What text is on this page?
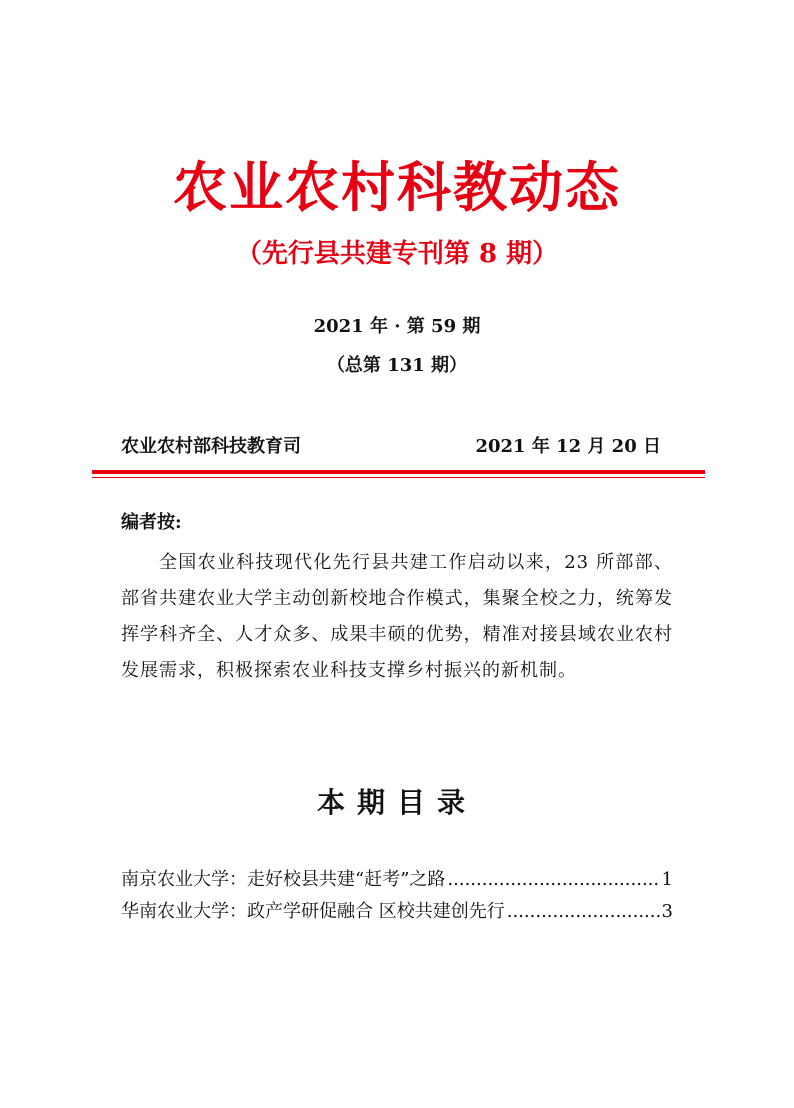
农业农村科教动态
（先行县共建专刊第 8 期）
2021 年 · 第 59 期
（总第 131 期）
农业农村部科技教育司	2021 年 12 月 20 日
编者按:

全国农业科技现代化先行县共建工作启动以来，23 所部部、部省共建农业大学主动创新校地合作模式，集聚全校之力，统筹发挥学科齐全、人才众多、成果丰硕的优势，精准对接县域农业农村发展需求，积极探索农业科技支撑乡村振兴的新机制。

本期目录
南京农业大学：走好校县共建“赶考”之路 .....	1
华南农业大学：政产学研促融合 区校共建创先行 .....	3
